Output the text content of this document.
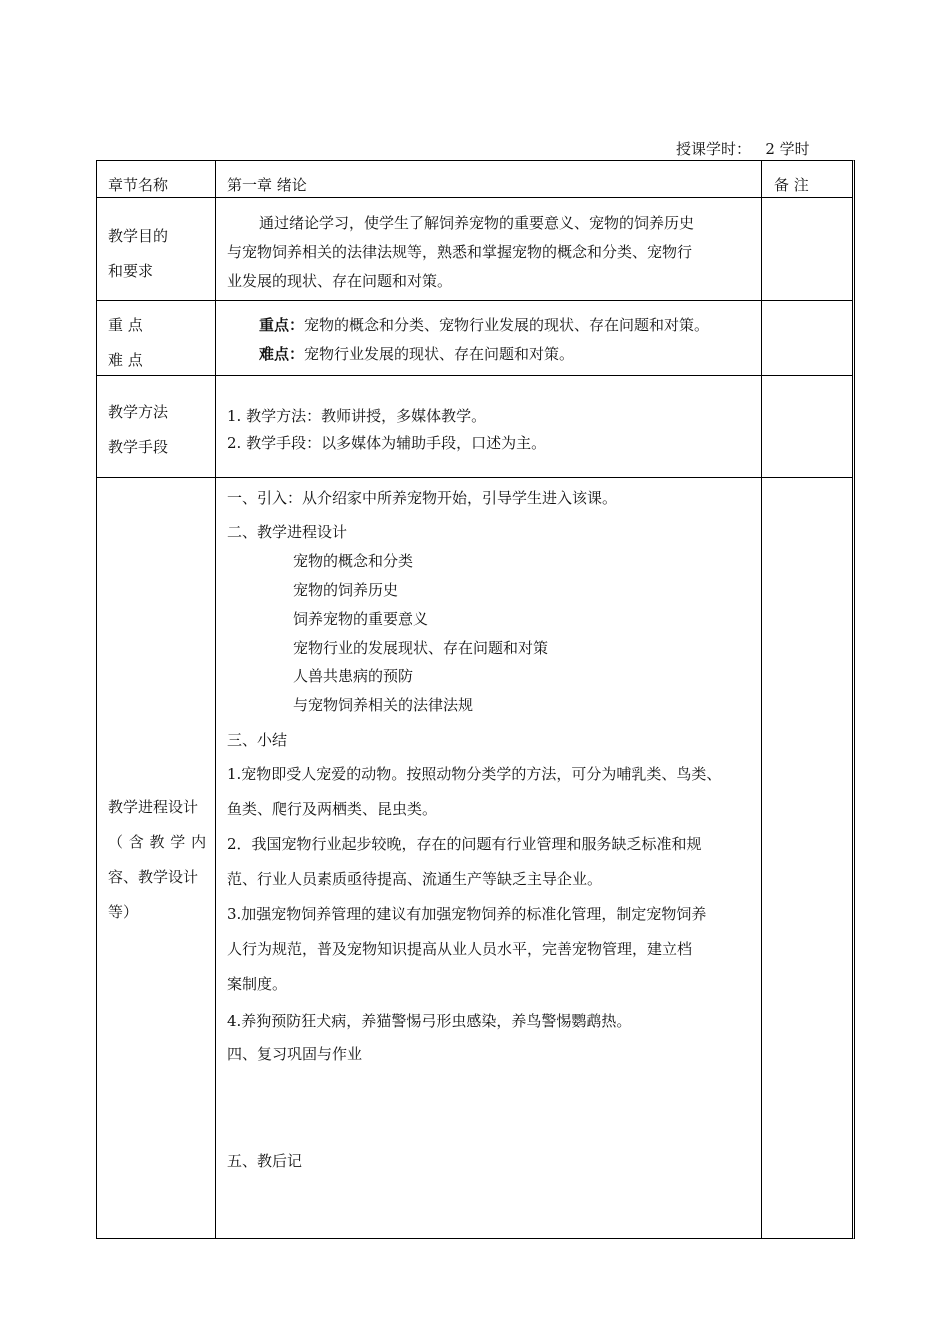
授课学时： 2 学时
章节名称	第一章 绪论	备 注
教学目的
和要求
通过绪论学习，使学生了解饲养宠物的重要意义、宠物的饲养历史
与宠物饲养相关的法律法规等，熟悉和掌握宠物的概念和分类、宠物行
业发展的现状、存在问题和对策。
重 点
难 点
重点：宠物的概念和分类、宠物行业发展的现状、存在问题和对策。
难点：宠物行业发展的现状、存在问题和对策。
教学方法
教学手段
1. 教学方法：教师讲授，多媒体教学。
2. 教学手段：以多媒体为辅助手段，口述为主。
教学进程设计
（ 含 教 学 内
容、教学设计
等）
一、引入：从介绍家中所养宠物开始，引导学生进入该课。
二、教学进程设计
宠物的概念和分类
宠物的饲养历史
饲养宠物的重要意义
宠物行业的发展现状、存在问题和对策
人兽共患病的预防
与宠物饲养相关的法律法规
三、小结
1.宠物即受人宠爱的动物。按照动物分类学的方法，可分为哺乳类、鸟类、
鱼类、爬行及两栖类、昆虫类。
2．我国宠物行业起步较晚，存在的问题有行业管理和服务缺乏标准和规
范、行业人员素质亟待提高、流通生产等缺乏主导企业。
3.加强宠物饲养管理的建议有加强宠物饲养的标准化管理，制定宠物饲养
人行为规范，普及宠物知识提高从业人员水平，完善宠物管理，建立档
案制度。
4.养狗预防狂犬病，养猫警惕弓形虫感染，养鸟警惕鹦鹉热。
四、复习巩固与作业
五、教后记
